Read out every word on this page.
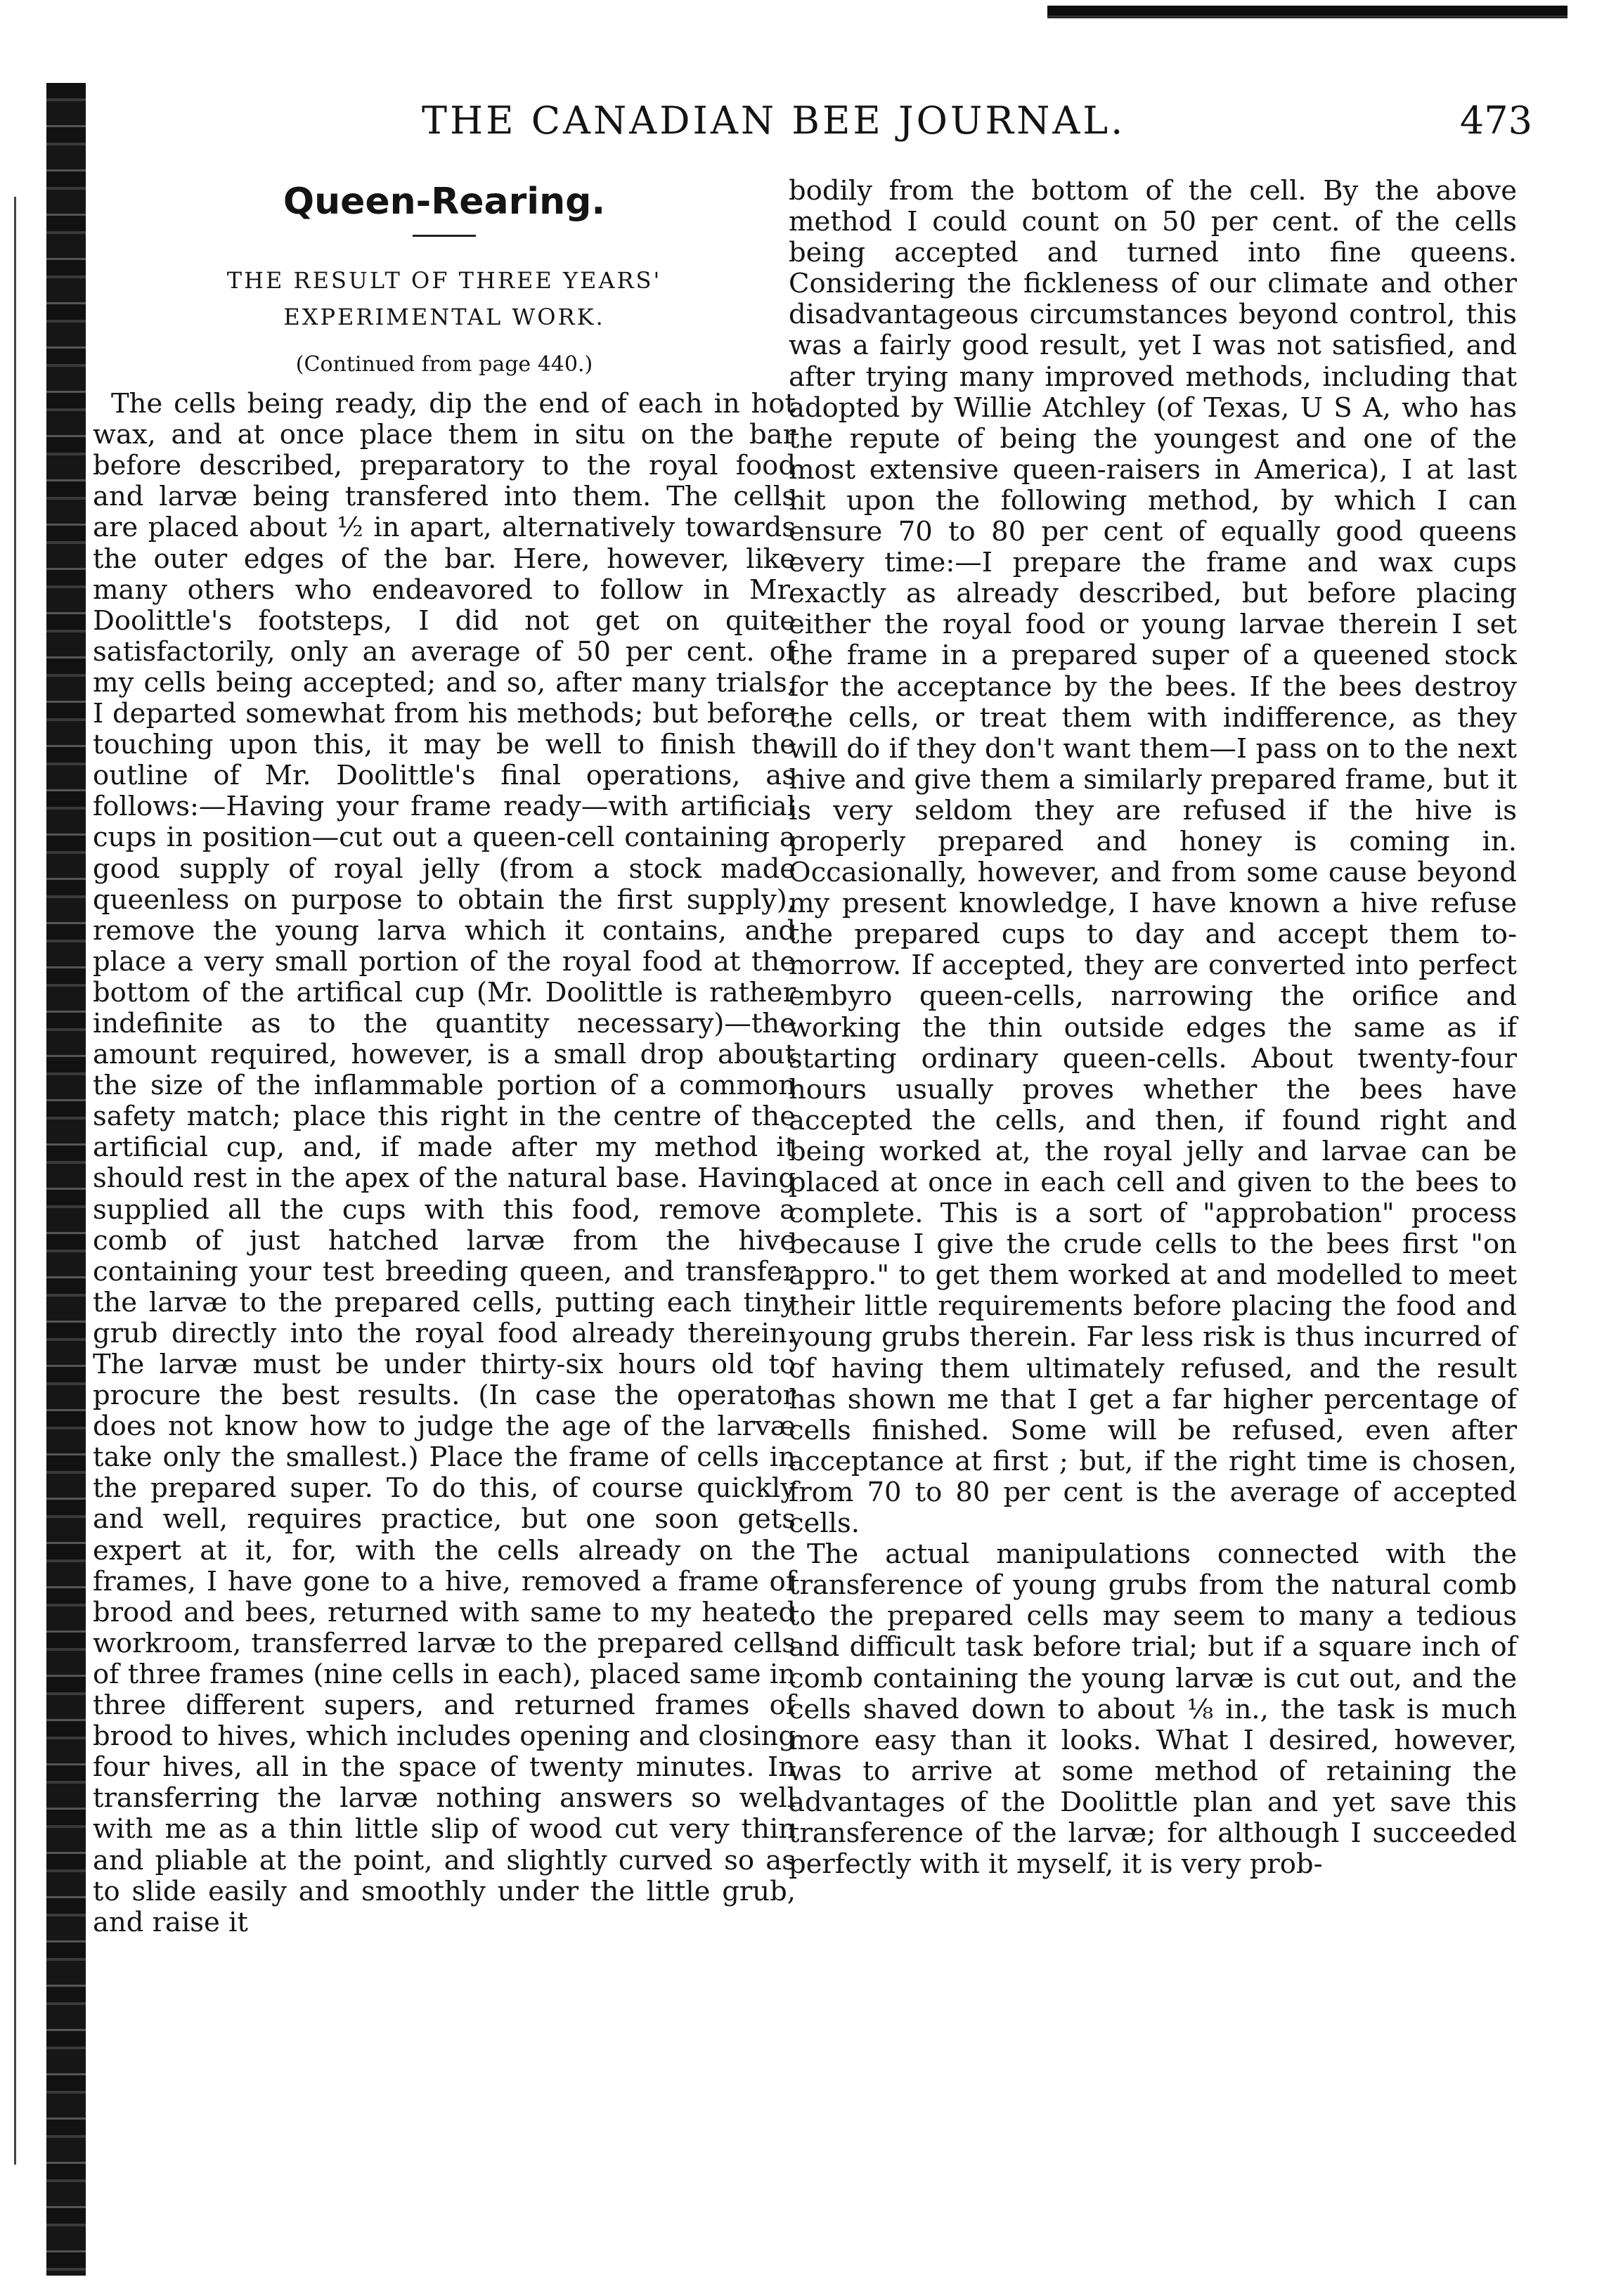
THE CANADIAN BEE JOURNAL.	473
Queen-Rearing.
THE RESULT OF THREE YEARS' EXPERIMENTAL WORK.
(Continued from page 440.)

The cells being ready, dip the end of each in hot wax, and at once place them in situ on the bar before described, preparatory to the royal food and larvæ being transfered into them. The cells are placed about ½ in apart, alternatively towards the outer edges of the bar. Here, however, like many others who endeavored to follow in Mr. Doolittle's footsteps, I did not get on quite satisfactorily, only an average of 50 per cent. of my cells being accepted; and so, after many trials, I departed somewhat from his methods; but before touching upon this, it may be well to finish the outline of Mr. Doolittle's final operations, as follows:—Having your frame ready—with artificial cups in position—cut out a queen-cell containing a good supply of royal jelly (from a stock made queenless on purpose to obtain the first supply), remove the young larva which it contains, and place a very small portion of the royal food at the bottom of the artifical cup (Mr. Doolittle is rather indefinite as to the quantity necessary)—the amount required, however, is a small drop about the size of the inflammable portion of a common safety match; place this right in the centre of the artificial cup, and, if made after my method it should rest in the apex of the natural base. Having supplied all the cups with this food, remove a comb of just hatched larvæ from the hive containing your test breeding queen, and transfer the larvæ to the prepared cells, putting each tiny grub directly into the royal food already therein. The larvæ must be under thirty-six hours old to procure the best results. (In case the operator does not know how to judge the age of the larvæ take only the smallest.) Place the frame of cells in the prepared super. To do this, of course quickly and well, requires practice, but one soon gets expert at it, for, with the cells already on the frames, I have gone to a hive, removed a frame of brood and bees, returned with same to my heated workroom, transferred larvæ to the prepared cells of three frames (nine cells in each), placed same in three different supers, and returned frames of brood to hives, which includes opening and closing four hives, all in the space of twenty minutes. In transferring the larvæ nothing answers so well with me as a thin little slip of wood cut very thin and pliable at the point, and slightly curved so as to slide easily and smoothly under the little grub, and raise it

bodily from the bottom of the cell. By the above method I could count on 50 per cent. of the cells being accepted and turned into fine queens. Considering the fickleness of our climate and other disadvantageous circumstances beyond control, this was a fairly good result, yet I was not satisfied, and after trying many improved methods, including that adopted by Willie Atchley (of Texas, U S A, who has the repute of being the youngest and one of the most extensive queen-raisers in America), I at last hit upon the following method, by which I can ensure 70 to 80 per cent of equally good queens every time:—I prepare the frame and wax cups exactly as already described, but before placing either the royal food or young larvae therein I set the frame in a prepared super of a queened stock for the acceptance by the bees. If the bees destroy the cells, or treat them with indifference, as they will do if they don't want them—I pass on to the next hive and give them a similarly prepared frame, but it is very seldom they are refused if the hive is properly prepared and honey is coming in. Occasionally, however, and from some cause beyond my present knowledge, I have known a hive refuse the prepared cups to day and accept them to-morrow. If accepted, they are converted into perfect embyro queen-cells, narrowing the orifice and working the thin outside edges the same as if starting ordinary queen-cells. About twenty-four hours usually proves whether the bees have accepted the cells, and then, if found right and being worked at, the royal jelly and larvae can be placed at once in each cell and given to the bees to complete. This is a sort of "approbation" process because I give the crude cells to the bees first "on appro." to get them worked at and modelled to meet their little requirements before placing the food and young grubs therein. Far less risk is thus incurred of of having them ultimately refused, and the result has shown me that I get a far higher percentage of cells finished. Some will be refused, even after acceptance at first ; but, if the right time is chosen, from 70 to 80 per cent is the average of accepted cells.

The actual manipulations connected with the transference of young grubs from the natural comb to the prepared cells may seem to many a tedious and difficult task before trial; but if a square inch of comb containing the young larvæ is cut out, and the cells shaved down to about ⅛ in., the task is much more easy than it looks. What I desired, however, was to arrive at some method of retaining the advantages of the Doolittle plan and yet save this transference of the larvæ; for although I succeeded perfectly with it myself, it is very prob-
